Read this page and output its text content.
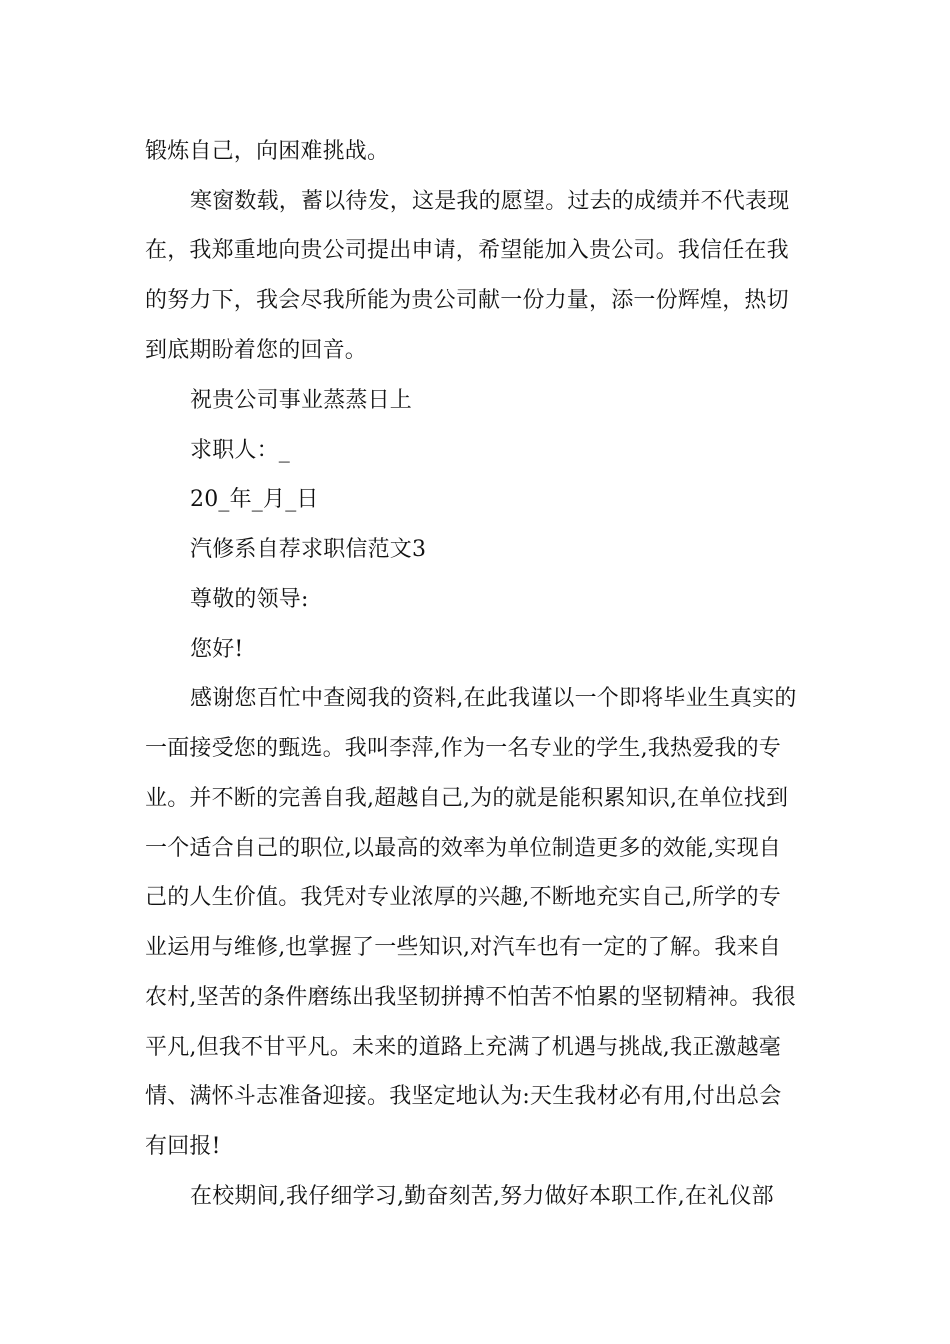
锻炼自己，向困难挑战。
寒窗数载，蓄以待发，这是我的愿望。过去的成绩并不代表现
在，我郑重地向贵公司提出申请，希望能加入贵公司。我信任在我
的努力下，我会尽我所能为贵公司献一份力量，添一份辉煌，热切
到底期盼着您的回音。
祝贵公司事业蒸蒸日上
求职人：_
20_年_月_日
汽修系自荐求职信范文3
尊敬的领导:
您好!
感谢您百忙中查阅我的资料,在此我谨以一个即将毕业生真实的
一面接受您的甄选。我叫李萍,作为一名专业的学生,我热爱我的专
业。并不断的完善自我,超越自己,为的就是能积累知识,在单位找到
一个适合自己的职位,以最高的效率为单位制造更多的效能,实现自
己的人生价值。我凭对专业浓厚的兴趣,不断地充实自己,所学的专
业运用与维修,也掌握了一些知识,对汽车也有一定的了解。我来自
农村,坚苦的条件磨练出我坚韧拼搏不怕苦不怕累的坚韧精神。我很
平凡,但我不甘平凡。未来的道路上充满了机遇与挑战,我正激越毫
情、满怀斗志准备迎接。我坚定地认为:天生我材必有用,付出总会
有回报!
在校期间,我仔细学习,勤奋刻苦,努力做好本职工作,在礼仪部
